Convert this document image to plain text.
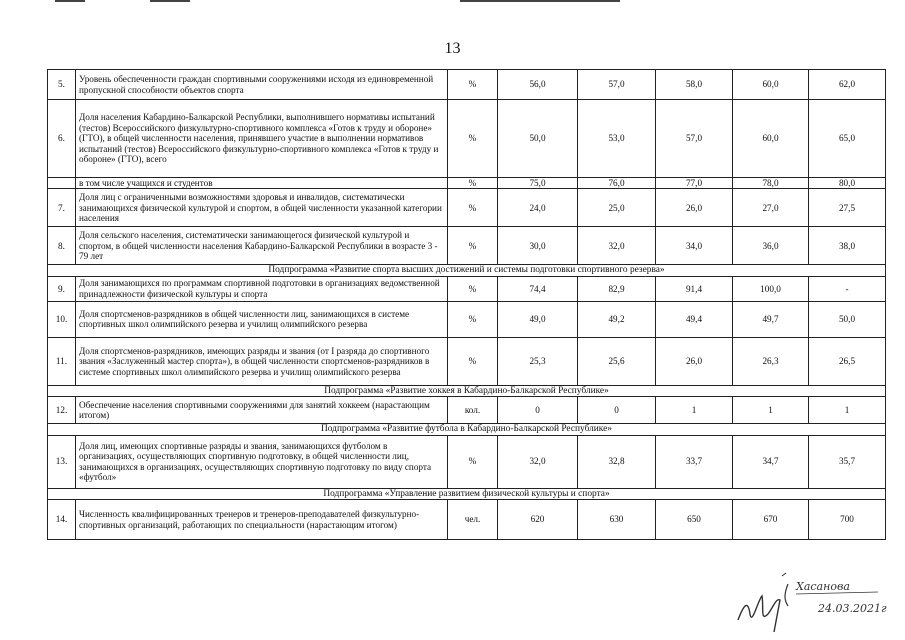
13
5.	Уровень обеспеченности граждан спортивными сооружениями исходя из единовременной пропускной способности объектов спорта	%	56,0	57,0	58,0	60,0	62,0
6.	Доля населения Кабардино-Балкарской Республики, выполнившего нормативы испытаний (тестов) Всероссийского физкультурно-спортивного комплекса «Готов к труду и обороне» (ГТО), в общей численности населения, принявшего участие в выполнении нормативов испытаний (тестов) Всероссийского физкультурно-спортивного комплекса «Готов к труду и обороне» (ГТО), всего	%	50,0	53,0	57,0	60,0	65,0
	в том числе учащихся и студентов	%	75,0	76,0	77,0	78,0	80,0
7.	Доля лиц с ограниченными возможностями здоровья и инвалидов, систематически занимающихся физической культурой и спортом, в общей численности указанной категории населения	%	24,0	25,0	26,0	27,0	27,5
8.	Доля сельского населения, систематически занимающегося физической культурой и спортом, в общей численности населения Кабардино-Балкарской Республики в возрасте 3 - 79 лет	%	30,0	32,0	34,0	36,0	38,0
Подпрограмма «Развитие спорта высших достижений и системы подготовки спортивного резерва»							
9.	Доля занимающихся по программам спортивной подготовки в организациях ведомственной принадлежности физической культуры и спорта	%	74,4	82,9	91,4	100,0	-
10.	Доля спортсменов-разрядников в общей численности лиц, занимающихся в системе спортивных школ олимпийского резерва и училищ олимпийского резерва	%	49,0	49,2	49,4	49,7	50,0
11.	Доля спортсменов-разрядников, имеющих разряды и звания (от I разряда до спортивного звания «Заслуженный мастер спорта»), в общей численности спортсменов-разрядников в системе спортивных школ олимпийского резерва и училищ олимпийского резерва	%	25,3	25,6	26,0	26,3	26,5
Подпрограмма «Развитие хоккея в Кабардино-Балкарской Республике»							
12.	Обеспечение населения спортивными сооружениями для занятий хоккеем (нарастающим итогом)	кол.	0	0	1	1	1
Подпрограмма «Развитие футбола в Кабардино-Балкарской Республике»							
13.	Доля лиц, имеющих спортивные разряды и звания, занимающихся футболом в организациях, осуществляющих спортивную подготовку, в общей численности лиц, занимающихся в организациях, осуществляющих спортивную подготовку по виду спорта «футбол»	%	32,0	32,8	33,7	34,7	35,7
Подпрограмма «Управление развитием физической культуры и спорта»							
14.	Численность квалифицированных тренеров и тренеров-преподавателей физкультурно-спортивных организаций, работающих по специальности (нарастающим итогом)	чел.	620	630	650	670	700
Хасанова
24.03.2021г
